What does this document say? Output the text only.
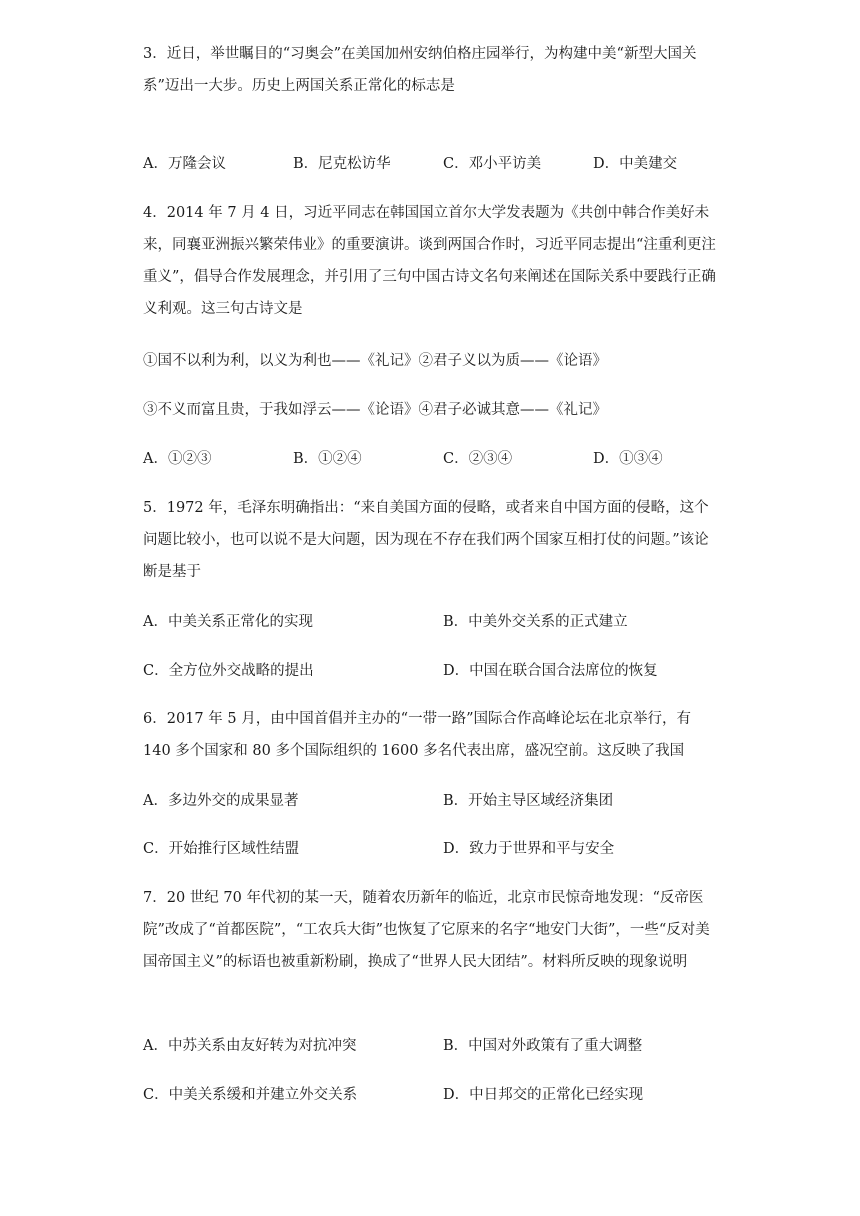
3．近日，举世瞩目的“习奥会”在美国加州安纳伯格庄园举行，为构建中美“新型大国关系”迈出一大步。历史上两国关系正常化的标志是

A．万隆会议	B．尼克松访华	C．邓小平访美	D．中美建交

4．2014 年 7 月 4 日，习近平同志在韩国国立首尔大学发表题为《共创中韩合作美好未来，同襄亚洲振兴繁荣伟业》的重要演讲。谈到两国合作时，习近平同志提出“注重利更注重义”，倡导合作发展理念，并引用了三句中国古诗文名句来阐述在国际关系中要践行正确义利观。这三句古诗文是

①国不以利为利，以义为利也——《礼记》②君子义以为质——《论语》
③不义而富且贵，于我如浮云——《论语》④君子必诚其意——《礼记》
A．①②③	B．①②④	C．②③④	D．①③④

5．1972 年，毛泽东明确指出：“来自美国方面的侵略，或者来自中国方面的侵略，这个问题比较小，也可以说不是大问题，因为现在不存在我们两个国家互相打仗的问题。”该论断是基于

A．中美关系正常化的实现	B．中美外交关系的正式建立
C．全方位外交战略的提出	D．中国在联合国合法席位的恢复

6．2017 年 5 月，由中国首倡并主办的“一带一路”国际合作高峰论坛在北京举行，有 140 多个国家和 80 多个国际组织的 1600 多名代表出席，盛况空前。这反映了我国

A．多边外交的成果显著	B．开始主导区域经济集团
C．开始推行区域性结盟	D．致力于世界和平与安全

7．20 世纪 70 年代初的某一天，随着农历新年的临近，北京市民惊奇地发现：“反帝医院”改成了“首都医院”，“工农兵大街”也恢复了它原来的名字“地安门大街”，一些“反对美国帝国主义”的标语也被重新粉刷，换成了“世界人民大团结”。材料所反映的现象说明

A．中苏关系由友好转为对抗冲突	B．中国对外政策有了重大调整
C．中美关系缓和并建立外交关系	D．中日邦交的正常化已经实现
